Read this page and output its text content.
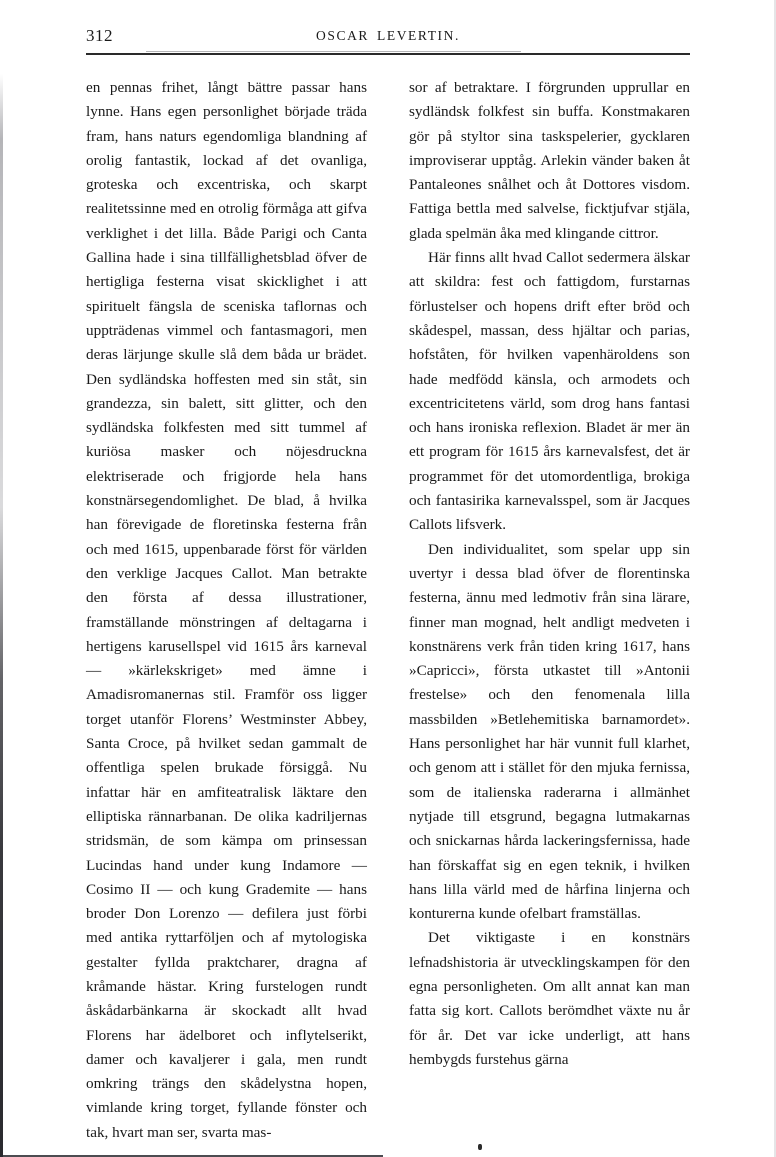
312	OSCAR LEVERTIN.

en pennas frihet, långt bättre passar hans lynne. Hans egen personlighet började träda fram, hans naturs egendomliga blandning af orolig fantastik, lockad af det ovanliga, groteska och excentriska, och skarpt realitetssinne med en otrolig förmåga att gifva verklighet i det lilla. Både Parigi och Canta Gallina hade i sina tillfällighetsblad öfver de hertigliga festerna visat skicklighet i att spirituelt fängsla de sceniska taflornas och uppträdenas vimmel och fantasmagori, men deras lärjunge skulle slå dem båda ur brädet. Den sydländska hoffesten med sin ståt, sin grandezza, sin balett, sitt glitter, och den sydländska folkfesten med sitt tummel af kuriösa masker och nöjesdruckna elektriserade och frigjorde hela hans konstnärsegendomlighet. De blad, å hvilka han förevigade de floretinska festerna från och med 1615, uppenbarade först för världen den verklige Jacques Callot. Man betrakte den första af dessa illustrationer, framställande mönstringen af deltagarna i hertigens karusellspel vid 1615 års karneval — »kärlekskriget» med ämne i Amadisromanernas stil. Framför oss ligger torget utanför Florens’ Westminster Abbey, Santa Croce, på hvilket sedan gammalt de offentliga spelen brukade försiggå. Nu infattar här en amfiteatralisk läktare den elliptiska rännarbanan. De olika kadriljernas stridsmän, de som kämpa om prinsessan Lucindas hand under kung Indamore — Cosimo II — och kung Grademite — hans broder Don Lorenzo — defilera just förbi med antika ryttarföljen och af mytologiska gestalter fyllda praktcharer, dragna af kråmande hästar. Kring furstelogen rundt åskådarbänkarna är skockadt allt hvad Florens har ädelboret och inflytelserikt, damer och kavaljerer i gala, men rundt omkring trängs den skådelystna hopen, vimlande kring torget, fyllande fönster och tak, hvart man ser, svarta mas-

sor af betraktare. I förgrunden upprullar en sydländsk folkfest sin buffa. Konstmakaren gör på styltor sina taskspelerier, gycklaren improviserar upptåg. Arlekin vänder baken åt Pantaleones snålhet och åt Dottores visdom. Fattiga bettla med salvelse, ficktjufvar stjäla, glada spelmän åka med klingande cittror.

Här finns allt hvad Callot sedermera älskar att skildra: fest och fattigdom, furstarnas förlustelser och hopens drift efter bröd och skådespel, massan, dess hjältar och parias, hofståten, för hvilken vapenhäroldens son hade medfödd känsla, och armodets och excentricitetens värld, som drog hans fantasi och hans ironiska reflexion. Bladet är mer än ett program för 1615 års karnevalsfest, det är programmet för det utomordentliga, brokiga och fantasirika karnevalsspel, som är Jacques Callots lifsverk.

Den individualitet, som spelar upp sin uvertyr i dessa blad öfver de florentinska festerna, ännu med ledmotiv från sina lärare, finner man mognad, helt andligt medveten i konstnärens verk från tiden kring 1617, hans »Capricci», första utkastet till »Antonii frestelse» och den fenomenala lilla massbilden »Betlehemitiska barnamordet». Hans personlighet har här vunnit full klarhet, och genom att i stället för den mjuka fernissa, som de italienska raderarna i allmänhet nytjade till etsgrund, begagna lutmakarnas och snickarnas hårda lackeringsfernissa, hade han förskaffat sig en egen teknik, i hvilken hans lilla värld med de hårfina linjerna och konturerna kunde ofelbart framställas.

Det viktigaste i en konstnärs lefnadshistoria är utvecklingskampen för den egna personligheten. Om allt annat kan man fatta sig kort. Callots berömdhet växte nu år för år. Det var icke underligt, att hans hembygds furstehus gärna
